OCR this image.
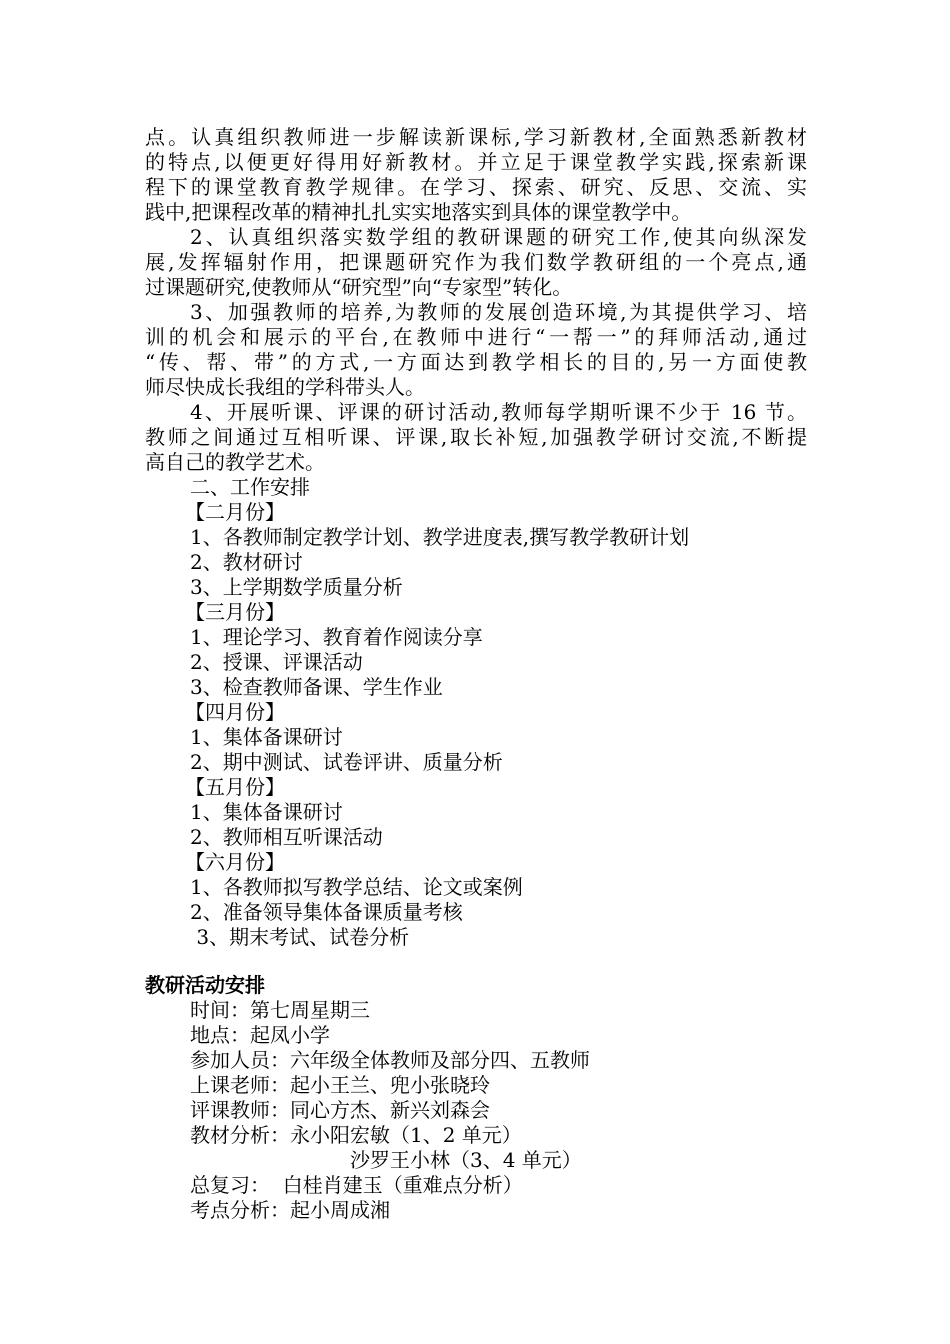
点。认真组织教师进一步解读新课标,学习新教材,全面熟悉新教材
的特点,以便更好得用好新教材。并立足于课堂教学实践,探索新课
程下的课堂教育教学规律。在学习、探索、研究、反思、交流、实
践中,把课程改革的精神扎扎实实地落实到具体的课堂教学中。
2、认真组织落实数学组的教研课题的研究工作,使其向纵深发
展,发挥辐射作用，把课题研究作为我们数学教研组的一个亮点,通
过课题研究,使教师从“研究型”向“专家型”转化。
3、加强教师的培养,为教师的发展创造环境,为其提供学习、培
训的机会和展示的平台,在教师中进行“一帮一”的拜师活动,通过
“传、帮、带”的方式,一方面达到教学相长的目的,另一方面使教
师尽快成长我组的学科带头人。
4、开展听课、评课的研讨活动,教师每学期听课不少于 16 节。
教师之间通过互相听课、评课,取长补短,加强教学研讨交流,不断提
高自己的教学艺术。
二、工作安排
【二月份】
1、各教师制定教学计划、教学进度表,撰写教学教研计划
2、教材研讨
3、上学期数学质量分析
【三月份】
1、理论学习、教育着作阅读分享
2、授课、评课活动
3、检查教师备课、学生作业
【四月份】
1、集体备课研讨
2、期中测试、试卷评讲、质量分析
【五月份】
1、集体备课研讨
2、教师相互听课活动
【六月份】
1、各教师拟写教学总结、论文或案例
2、准备领导集体备课质量考核
3、期末考试、试卷分析
教研活动安排
时间：第七周星期三
地点：起凤小学
参加人员：六年级全体教师及部分四、五教师
上课老师：起小王兰、兜小张晓玲
评课教师：同心方杰、新兴刘森会
教材分析：永小阳宏敏（1、2 单元）
沙罗王小林（3、4 单元）
总复习：  白桂肖建玉（重难点分析）
考点分析：起小周成湘
